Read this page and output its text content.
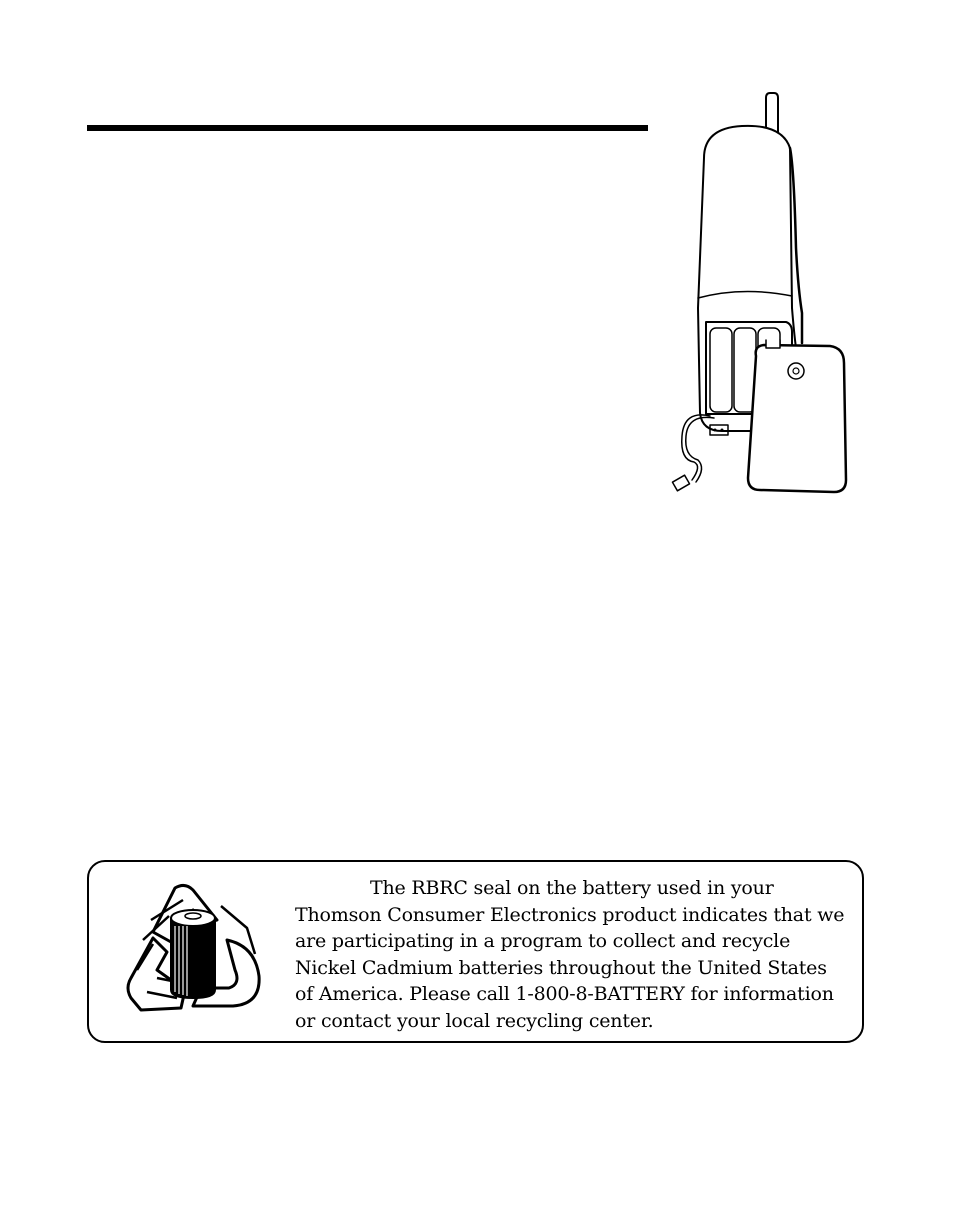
The RBRC seal on the battery used in your Thomson Consumer Electronics product indicates that we are participating in a program to collect and recycle Nickel Cadmium batteries throughout the United States of America. Please call 1-800-8-BATTERY for information or contact your local recycling center.
